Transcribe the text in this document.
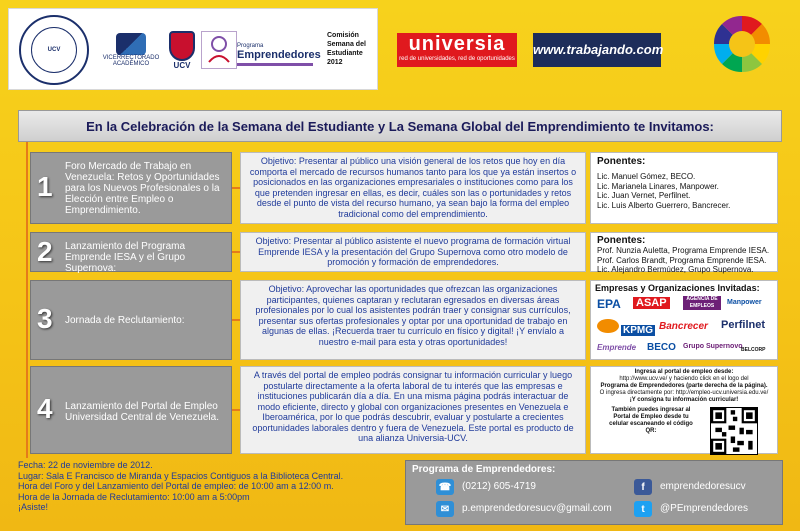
UCV
VICERRECTORADO ACADÉMICO	UCV
Programa
Emprendedores
Comisión Semana del Estudiante 2012
universia
red de universidades, red de oportunidades
www.trabajando.com
En la Celebración de la Semana del Estudiante y La Semana Global del Emprendimiento te Invitamos:
1
Foro Mercado de Trabajo en Venezuela: Retos y Oportunidades para los Nuevos Profesionales o la Elección entre Empleo o Emprendimiento.
Objetivo: Presentar al público una visión general de los retos que hoy en día comporta el mercado de recursos humanos tanto para los que ya están insertos o posicionados en las organizaciones empresariales o instituciones como para los que pretenden ingresar en ellas, es decir, cuáles son las o portunidades y retos desde el punto de vista del recurso humano, ya sean bajo la forma del empleo tradicional como del emprendimiento.
Ponentes:
Lic. Manuel Gómez, BECO.
Lic. Marianela Linares, Manpower.
Lic. Juan Vernet, Perfilnet.
Lic. Luis Alberto Guerrero, Bancrecer.
2 Lanzamiento del Programa Emprende IESA y el Grupo Supernova:
Objetivo: Presentar al público asistente el nuevo programa de formación virtual Emprende IESA y la presentación del Grupo Supernova como otro modelo de promoción y formación de emprendedores.
Ponentes:
Prof. Nunzia Auletta, Programa Emprende IESA.
Prof. Carlos Brandt, Programa Emprende IESA.
Lic. Alejandro Bermúdez, Grupo Supernova.
3 Jornada de Reclutamiento:
Objetivo: Aprovechar las oportunidades que ofrezcan las organizaciones participantes, quienes captaran y reclutaran egresados en diversas áreas profesionales por lo cual los asistentes podrán traer y consignar sus currículos, presentar sus ofertas profesionales y optar por una oportunidad de trabajo en algunas de ellas. ¡Recuerda traer tu currículo en físico y digital! ¡Y envíalo a nuestro e-mail para esta y otras oportunidades!
Empresas y Organizaciones Invitadas:
EPA ASAP	AGENCIA DE EMPLEOS	Manpower
Bancrecer Perfilnet
KPMG
Emprende BECO Grupo Supernovo
BELCORP
4 Lanzamiento del Portal de Empleo Universidad Central de Venezuela.
A través del portal de empleo podrás consignar tu información curricular y luego postularte directamente a la oferta laboral de tu interés que las empresas e instituciones publicarán día a día. En una misma página podrás interactuar de modo eficiente, directo y global con organizaciones presentes en Venezuela e Iberoamérica, por lo que podrás descubrir, evaluar y postularte a crecientes oportunidades laborales dentro y fuera de Venezuela. Este portal es producto de una alianza Universia-UCV.
Ingresa al portal de empleo desde:
http://www.ucv.ve/ y haciendo click en el logo del
Programa de Emprendedores (parte derecha de la página).
O ingresa directamente por: http://empleo-ucv.universia.edu.ve/
¡Y consigna tu información curricular!
También puedes ingresar al
Portal de Empleo desde tu
celular escaneando el código
QR:
Fecha: 22 de noviembre de 2012.
Lugar: Sala E Francisco de Miranda y Espacios Contiguos a la Biblioteca Central.
Hora del Foro y del Lanzamiento del Portal de empleo: de 10:00 am a 12:00 m.
Hora de la Jornada de Reclutamiento: 10:00 am a 5:00pm
¡Asiste!
Programa de Emprendedores:
☎ (0212) 605-4719
✉	p.emprendedoresucv@gmail.com
f	emprendedoresucv
t	@PEmprendedores
